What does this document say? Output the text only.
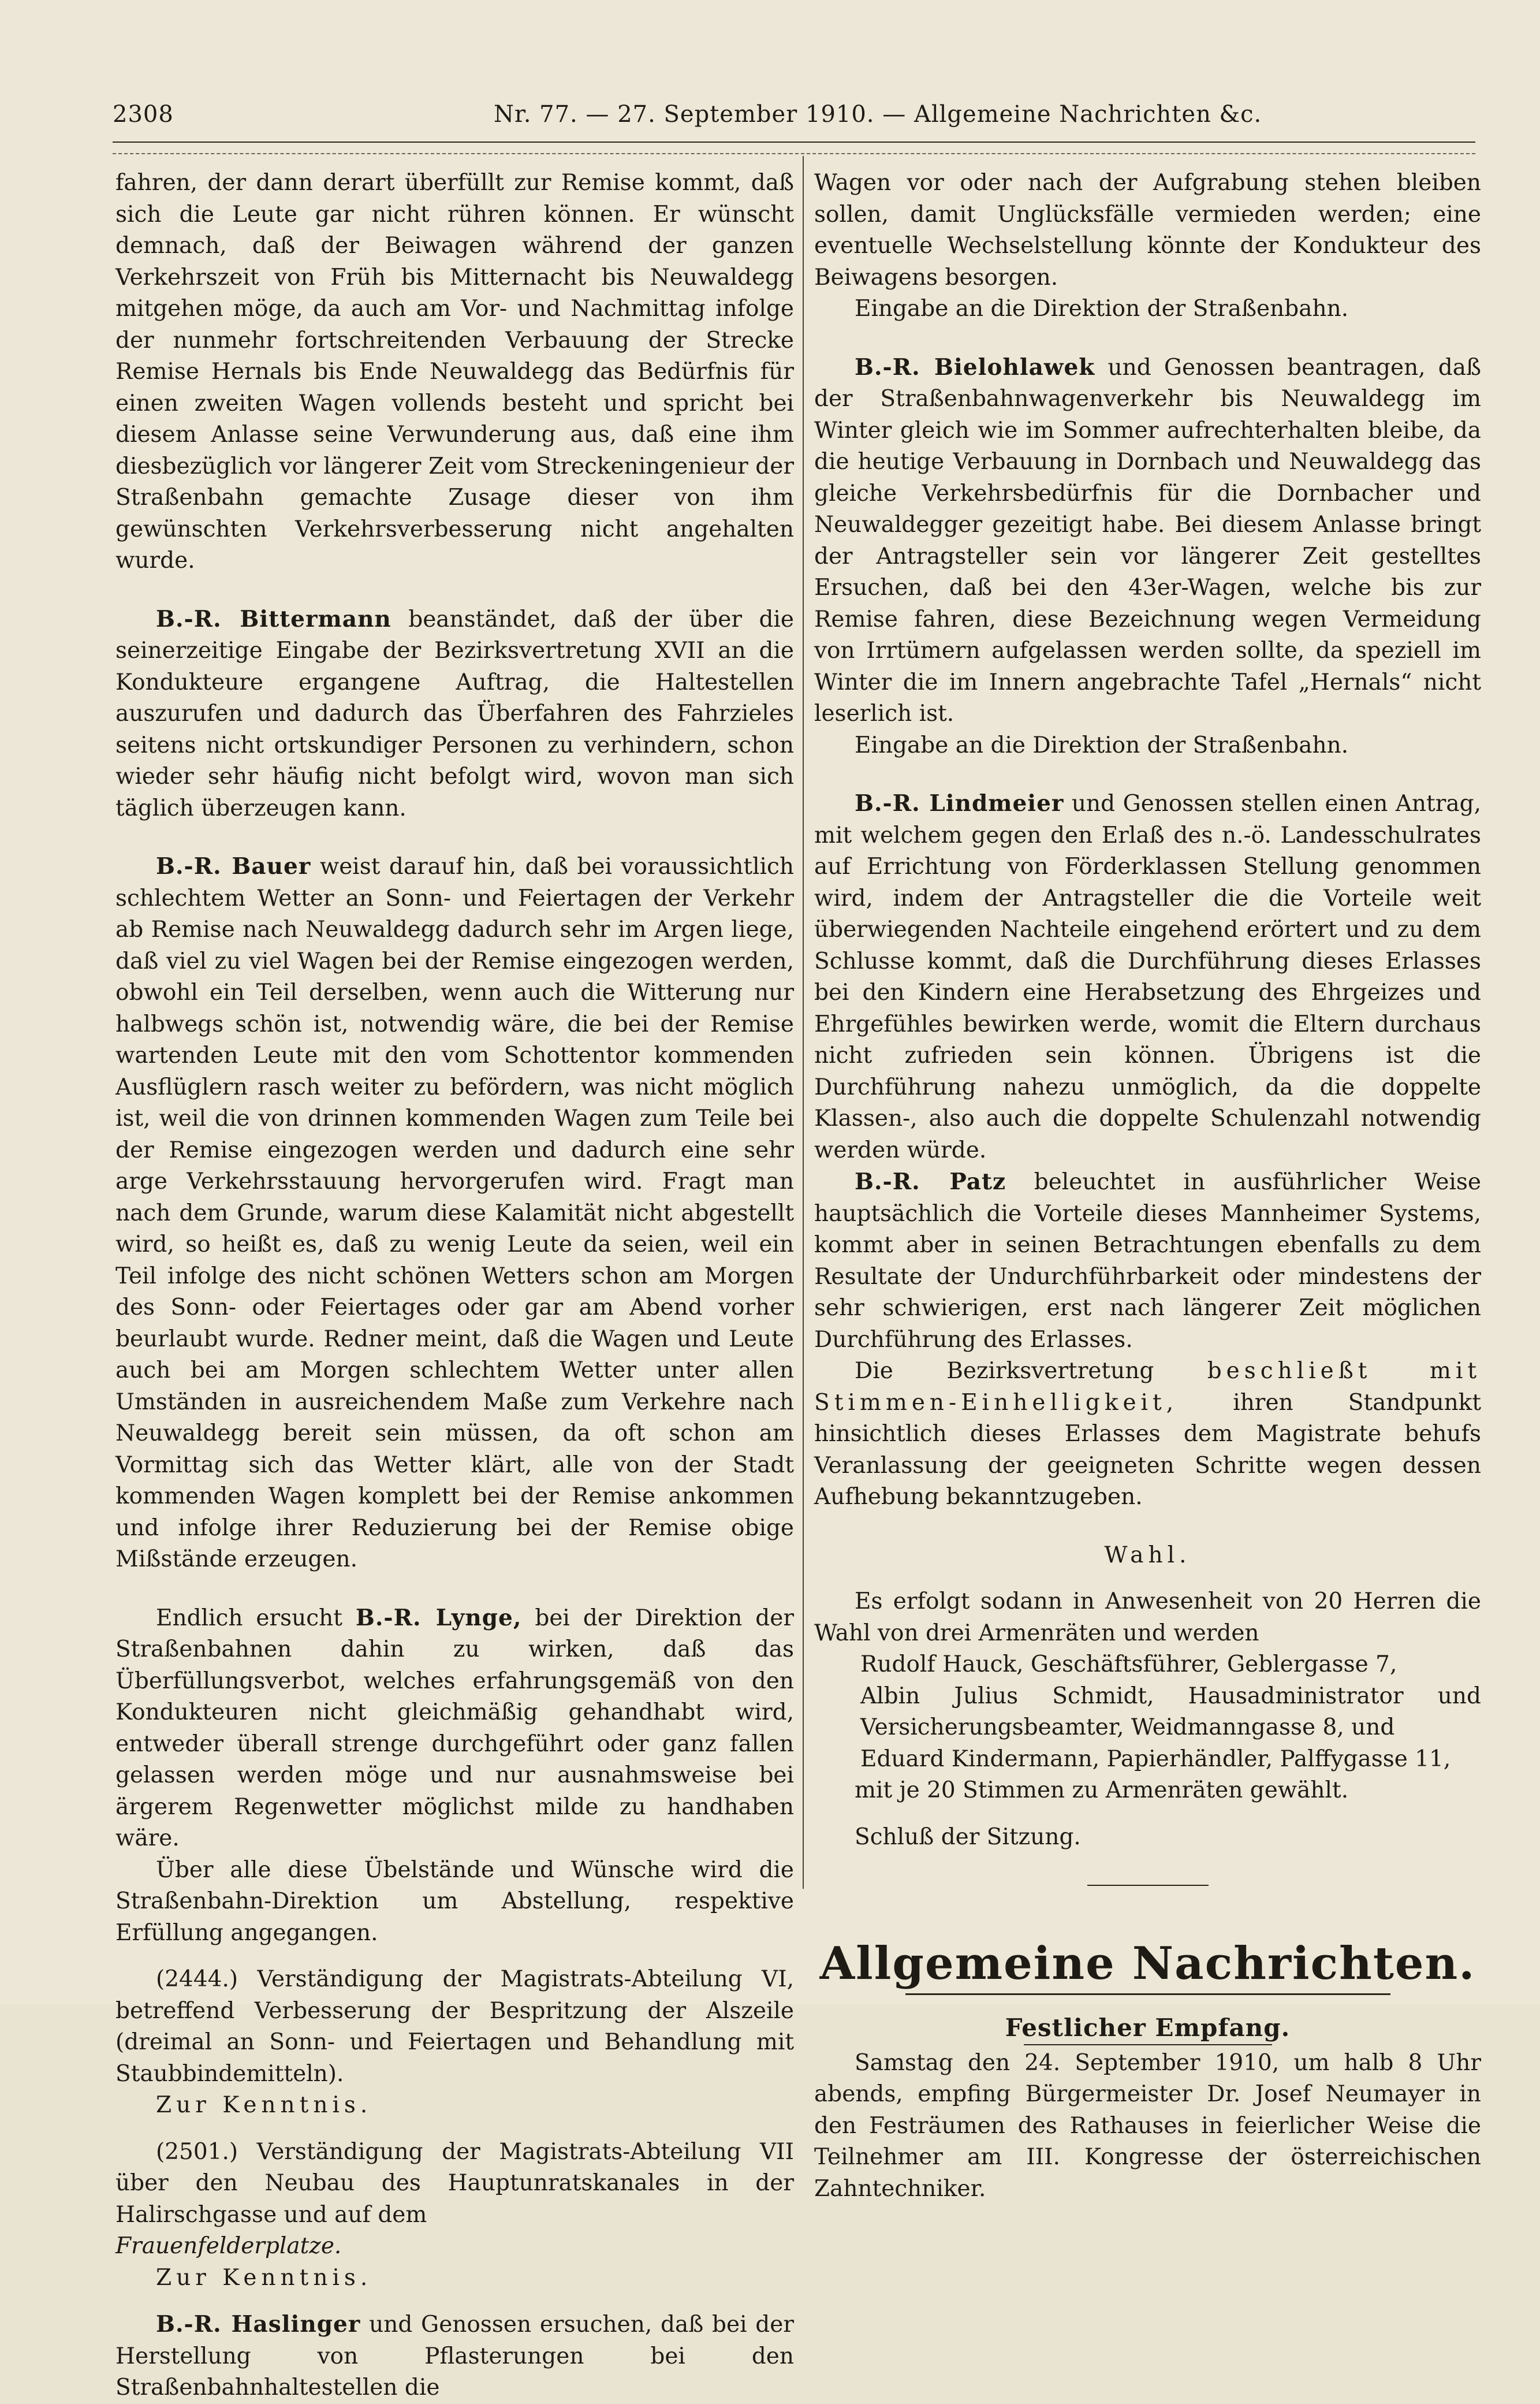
2308	Nr. 77. — 27. September 1910. — Allgemeine Nachrichten &c.

fahren, der dann derart überfüllt zur Remise kommt, daß sich die Leute gar nicht rühren können. Er wünscht demnach, daß der Beiwagen während der ganzen Verkehrszeit von Früh bis Mitternacht bis Neuwaldegg mitgehen möge, da auch am Vor- und Nachmittag infolge der nunmehr fortschreitenden Verbauung der Strecke Remise Hernals bis Ende Neuwaldegg das Bedürfnis für einen zweiten Wagen vollends besteht und spricht bei diesem Anlasse seine Verwunderung aus, daß eine ihm diesbezüglich vor längerer Zeit vom Streckeningenieur der Straßenbahn gemachte Zusage dieser von ihm gewünschten Verkehrsverbesserung nicht angehalten wurde.

B.-R. Bittermann beanständet, daß der über die seinerzeitige Eingabe der Bezirksvertretung XVII an die Kondukteure ergangene Auftrag, die Haltestellen auszurufen und dadurch das Überfahren des Fahrzieles seitens nicht ortskundiger Personen zu verhindern, schon wieder sehr häufig nicht befolgt wird, wovon man sich täglich überzeugen kann.

B.-R. Bauer weist darauf hin, daß bei voraussichtlich schlechtem Wetter an Sonn- und Feiertagen der Verkehr ab Remise nach Neuwaldegg dadurch sehr im Argen liege, daß viel zu viel Wagen bei der Remise eingezogen werden, obwohl ein Teil derselben, wenn auch die Witterung nur halbwegs schön ist, notwendig wäre, die bei der Remise wartenden Leute mit den vom Schottentor kommenden Ausflüglern rasch weiter zu befördern, was nicht möglich ist, weil die von drinnen kommenden Wagen zum Teile bei der Remise eingezogen werden und dadurch eine sehr arge Verkehrsstauung hervorgerufen wird. Fragt man nach dem Grunde, warum diese Kalamität nicht abgestellt wird, so heißt es, daß zu wenig Leute da seien, weil ein Teil infolge des nicht schönen Wetters schon am Morgen des Sonn- oder Feiertages oder gar am Abend vorher beurlaubt wurde. Redner meint, daß die Wagen und Leute auch bei am Morgen schlechtem Wetter unter allen Umständen in ausreichendem Maße zum Verkehre nach Neuwaldegg bereit sein müssen, da oft schon am Vormittag sich das Wetter klärt, alle von der Stadt kommenden Wagen komplett bei der Remise ankommen und infolge ihrer Reduzierung bei der Remise obige Mißstände erzeugen.

Endlich ersucht B.-R. Lynge, bei der Direktion der Straßenbahnen dahin zu wirken, daß das Überfüllungsverbot, welches erfahrungsgemäß von den Kondukteuren nicht gleichmäßig gehandhabt wird, entweder überall strenge durchgeführt oder ganz fallen gelassen werden möge und nur ausnahmsweise bei ärgerem Regenwetter möglichst milde zu handhaben wäre.

Über alle diese Übelstände und Wünsche wird die Straßenbahn-Direktion um Abstellung, respektive Erfüllung angegangen.

(2444.) Verständigung der Magistrats-Abteilung VI, betreffend Verbesserung der Bespritzung der Alszeile (dreimal an Sonn- und Feiertagen und Behandlung mit Staubbindemitteln).

Zur Kenntnis.

(2501.) Verständigung der Magistrats-Abteilung VII über den Neubau des Hauptunratskanales in der Halirschgasse und auf dem

Frauenfelderplatze.

Zur Kenntnis.

B.-R. Haslinger und Genossen ersuchen, daß bei der Herstellung von Pflasterungen bei den Straßenbahnhaltestellen die

Wagen vor oder nach der Aufgrabung stehen bleiben sollen, damit Unglücksfälle vermieden werden; eine eventuelle Wechselstellung könnte der Kondukteur des Beiwagens besorgen.

Eingabe an die Direktion der Straßenbahn.

B.-R. Bielohlawek und Genossen beantragen, daß der Straßenbahnwagenverkehr bis Neuwaldegg im Winter gleich wie im Sommer aufrechterhalten bleibe, da die heutige Verbauung in Dornbach und Neuwaldegg das gleiche Verkehrsbedürfnis für die Dornbacher und Neuwaldegger gezeitigt habe. Bei diesem Anlasse bringt der Antragsteller sein vor längerer Zeit gestelltes Ersuchen, daß bei den 43er-Wagen, welche bis zur Remise fahren, diese Bezeichnung wegen Vermeidung von Irrtümern aufgelassen werden sollte, da speziell im Winter die im Innern angebrachte Tafel „Hernals“ nicht leserlich ist.

Eingabe an die Direktion der Straßenbahn.

B.-R. Lindmeier und Genossen stellen einen Antrag, mit welchem gegen den Erlaß des n.-ö. Landesschulrates auf Errichtung von Förderklassen Stellung genommen wird, indem der Antragsteller die die Vorteile weit überwiegenden Nachteile eingehend erörtert und zu dem Schlusse kommt, daß die Durchführung dieses Erlasses bei den Kindern eine Herabsetzung des Ehrgeizes und Ehrgefühles bewirken werde, womit die Eltern durchaus nicht zufrieden sein können. Übrigens ist die Durchführung nahezu unmöglich, da die doppelte Klassen-, also auch die doppelte Schulenzahl notwendig werden würde.

B.-R. Patz beleuchtet in ausführlicher Weise hauptsächlich die Vorteile dieses Mannheimer Systems, kommt aber in seinen Betrachtungen ebenfalls zu dem Resultate der Undurchführbarkeit oder mindestens der sehr schwierigen, erst nach längerer Zeit möglichen Durchführung des Erlasses.

Die Bezirksvertretung beschließt mit Stimmen-Einhelligkeit, ihren Standpunkt hinsichtlich dieses Erlasses dem Magistrate behufs Veranlassung der geeigneten Schritte wegen dessen Aufhebung bekanntzugeben.

Wahl.

Es erfolgt sodann in Anwesenheit von 20 Herren die Wahl von drei Armenräten und werden

Rudolf Hauck, Geschäftsführer, Geblergasse 7,

Albin Julius Schmidt, Hausadministrator und Versicherungsbeamter, Weidmanngasse 8, und

Eduard Kindermann, Papierhändler, Palffygasse 11,

mit je 20 Stimmen zu Armenräten gewählt.

Schluß der Sitzung.

Allgemeine Nachrichten.

Festlicher Empfang.

Samstag den 24. September 1910, um halb 8 Uhr abends, empfing Bürgermeister Dr. Josef Neumayer in den Festräumen des Rathauses in feierlicher Weise die Teilnehmer am III. Kongresse der österreichischen Zahntechniker.
